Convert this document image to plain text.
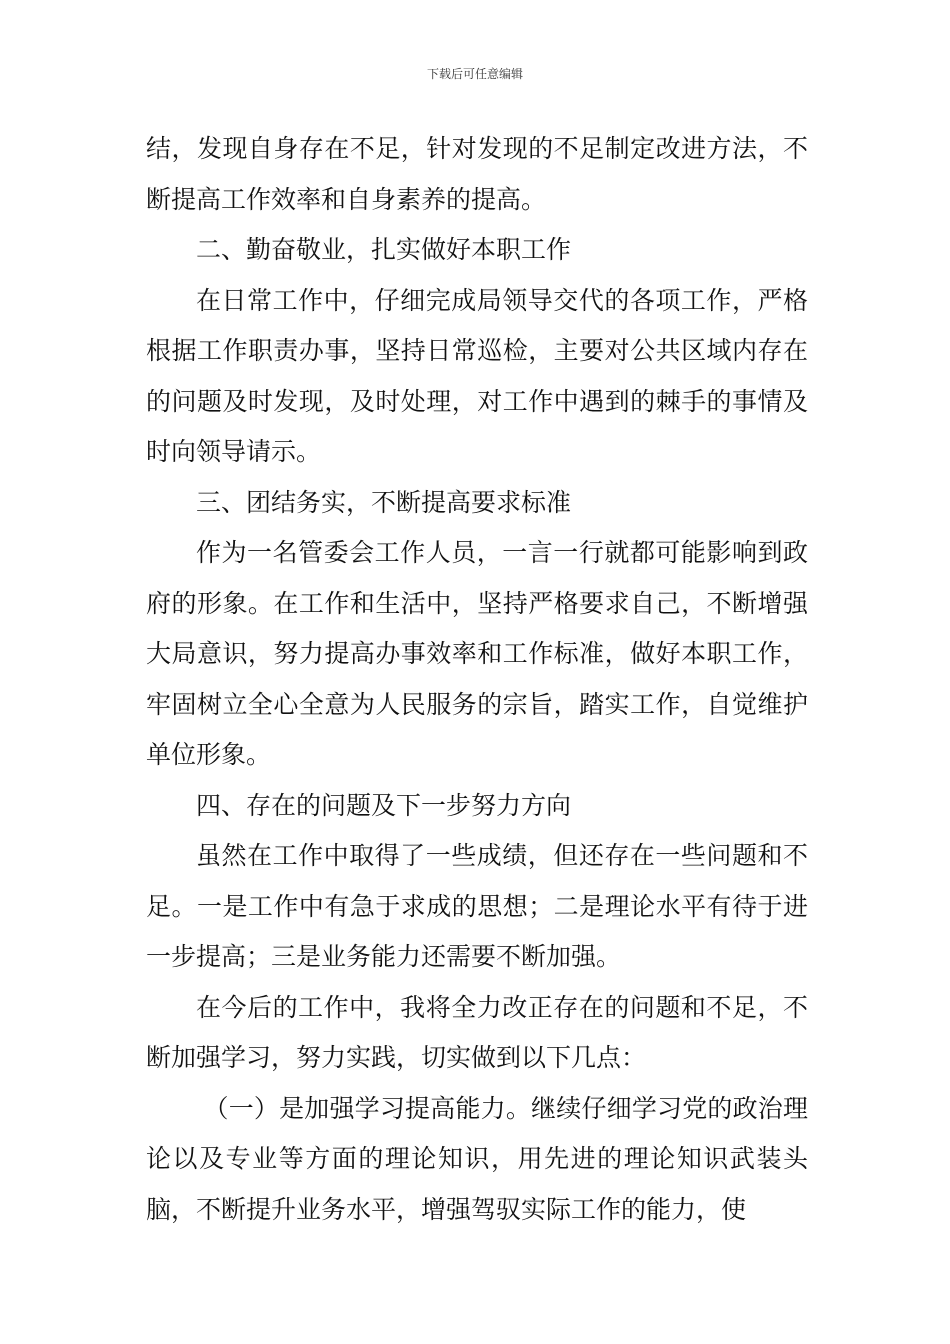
下载后可任意编辑

结，发现自身存在不足，针对发现的不足制定改进方法，不断提高工作效率和自身素养的提高。

二、勤奋敬业，扎实做好本职工作

在日常工作中，仔细完成局领导交代的各项工作，严格根据工作职责办事，坚持日常巡检，主要对公共区域内存在的问题及时发现，及时处理，对工作中遇到的棘手的事情及时向领导请示。

三、团结务实，不断提高要求标准

作为一名管委会工作人员，一言一行就都可能影响到政府的形象。在工作和生活中，坚持严格要求自己，不断增强大局意识，努力提高办事效率和工作标准，做好本职工作，牢固树立全心全意为人民服务的宗旨，踏实工作，自觉维护单位形象。

四、存在的问题及下一步努力方向

虽然在工作中取得了一些成绩，但还存在一些问题和不足。一是工作中有急于求成的思想；二是理论水平有待于进一步提高；三是业务能力还需要不断加强。

在今后的工作中，我将全力改正存在的问题和不足，不断加强学习，努力实践，切实做到以下几点：

（一）是加强学习提高能力。继续仔细学习党的政治理论以及专业等方面的理论知识，用先进的理论知识武装头脑，不断提升业务水平，增强驾驭实际工作的能力，使
